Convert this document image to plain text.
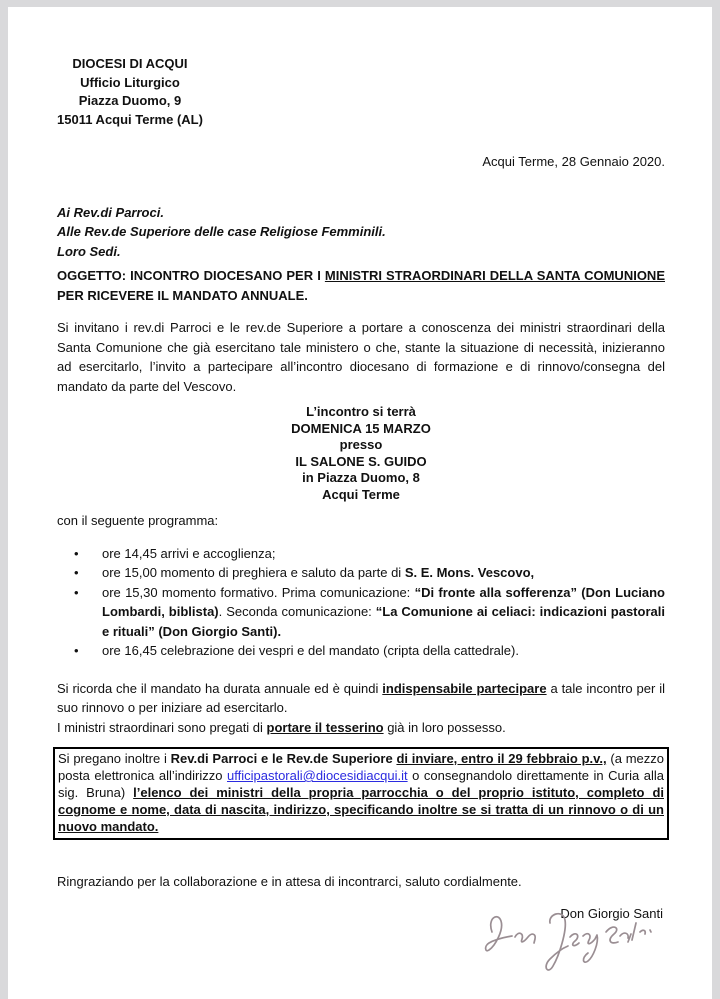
DIOCESI DI ACQUI
Ufficio Liturgico
Piazza Duomo, 9
15011 Acqui Terme (AL)
Acqui Terme, 28 Gennaio 2020.
Ai Rev.di Parroci.
Alle Rev.de Superiore delle case Religiose Femminili.
Loro Sedi.

OGGETTO: INCONTRO DIOCESANO PER I MINISTRI STRAORDINARI DELLA SANTA COMUNIONE PER RICEVERE IL MANDATO ANNUALE.

Si invitano i rev.di Parroci e le rev.de Superiore a portare a conoscenza dei ministri straordinari della Santa Comunione che già esercitano tale ministero o che, stante la situazione di necessità, inizieranno ad esercitarlo, l’invito a partecipare all’incontro diocesano di formazione e di rinnovo/consegna del mandato da parte del Vescovo.

L’incontro si terrà
DOMENICA 15 MARZO
presso
IL SALONE S. GUIDO
in Piazza Duomo, 8
Acqui Terme

con il seguente programma:

• ore 14,45 arrivi e accoglienza;
• ore 15,00 momento di preghiera e saluto da parte di S. E. Mons. Vescovo,
• ore 15,30 momento formativo. Prima comunicazione: “Di fronte alla sofferenza” (Don Luciano Lombardi, biblista). Seconda comunicazione: “La Comunione ai celiaci: indicazioni pastorali e rituali” (Don Giorgio Santi).
• ore 16,45 celebrazione dei vespri e del mandato (cripta della cattedrale).

Si ricorda che il mandato ha durata annuale ed è quindi indispensabile partecipare a tale incontro per il suo rinnovo o per iniziare ad esercitarlo.
I ministri straordinari sono pregati di portare il tesserino già in loro possesso.

Si pregano inoltre i Rev.di Parroci e le Rev.de Superiore di inviare, entro il 29 febbraio p.v., (a mezzo posta elettronica all’indirizzo ufficipastorali@diocesidiacqui.it o consegnandolo direttamente in Curia alla sig. Bruna) l’elenco dei ministri della propria parrocchia o del proprio istituto, completo di cognome e nome, data di nascita, indirizzo, specificando inoltre se si tratta di un rinnovo o di un nuovo mandato.

Ringraziando per la collaborazione e in attesa di incontrarci, saluto cordialmente.

Don Giorgio Santi
